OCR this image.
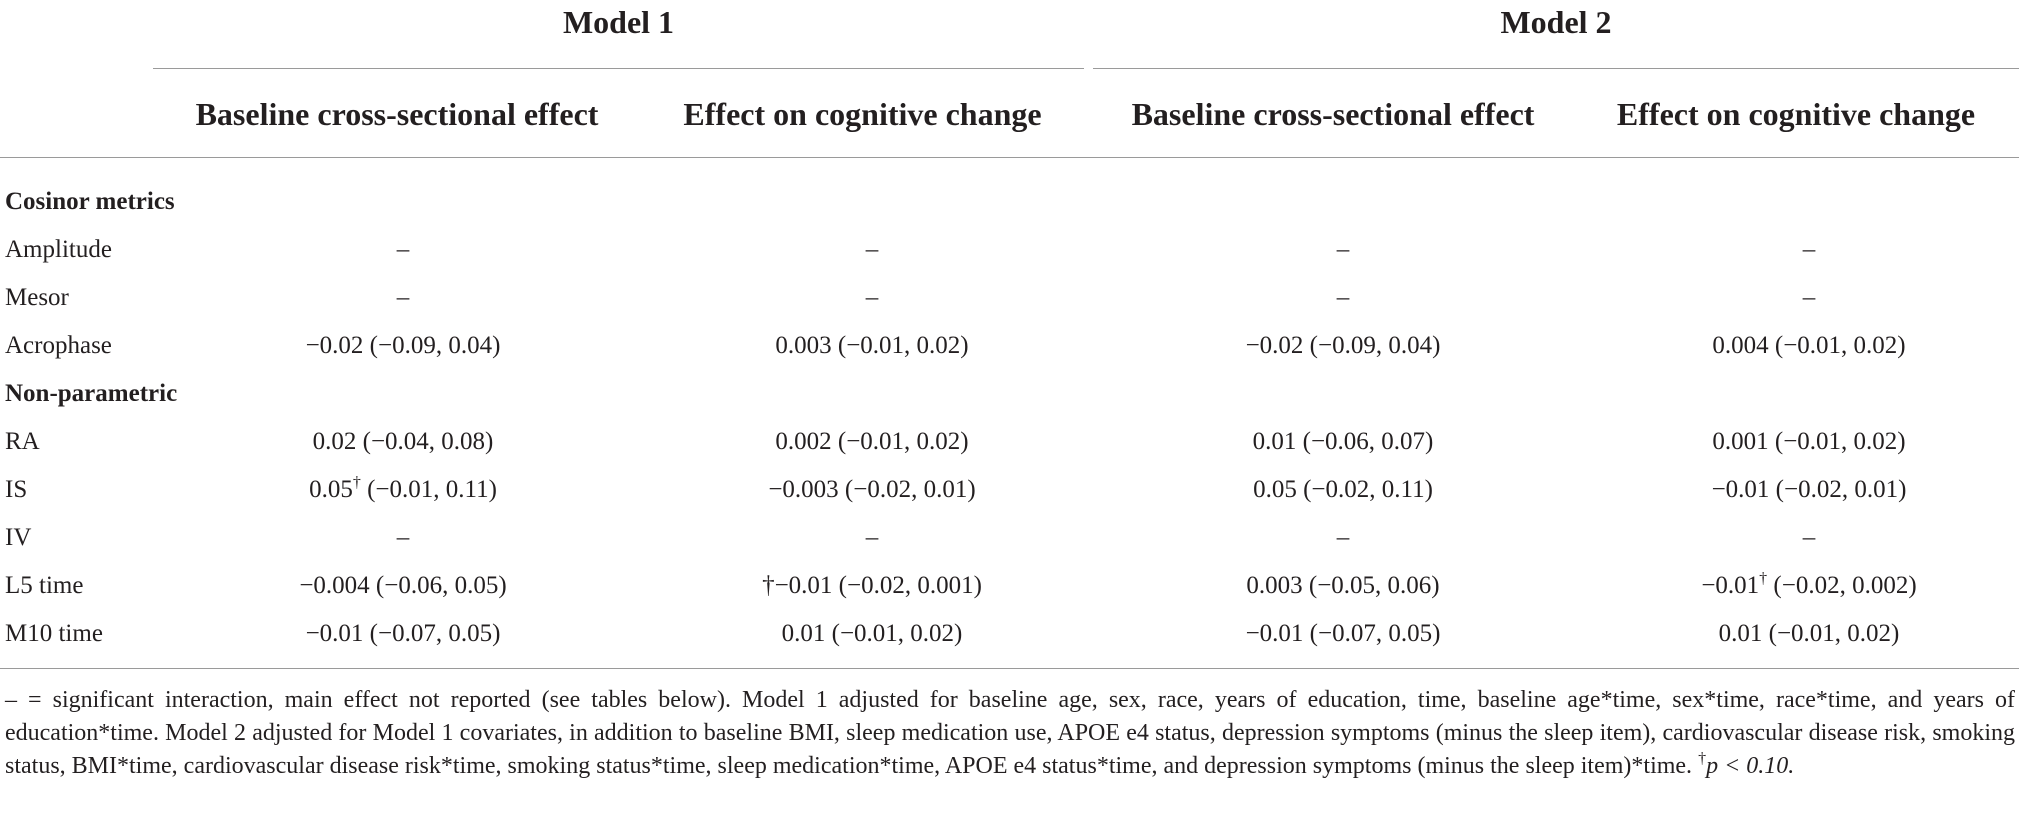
Model 1	Model 2
Baseline cross-sectional effect	Effect on cognitive change	Baseline cross-sectional effect	Effect on cognitive change
Cosinor metrics
Amplitude	–	–	–	–
Mesor	–	–	–	–
Acrophase	−0.02 (−0.09, 0.04)	0.003 (−0.01, 0.02)	−0.02 (−0.09, 0.04)	0.004 (−0.01, 0.02)
Non-parametric
RA	0.02 (−0.04, 0.08)	0.002 (−0.01, 0.02)	0.01 (−0.06, 0.07)	0.001 (−0.01, 0.02)
IS	0.05† (−0.01, 0.11)	−0.003 (−0.02, 0.01)	0.05 (−0.02, 0.11)	−0.01 (−0.02, 0.01)
IV	–	–	–	–
L5 time	−0.004 (−0.06, 0.05)	†−0.01 (−0.02, 0.001)	0.003 (−0.05, 0.06)	−0.01† (−0.02, 0.002)
M10 time	−0.01 (−0.07, 0.05)	0.01 (−0.01, 0.02)	−0.01 (−0.07, 0.05)	0.01 (−0.01, 0.02)
– = significant interaction, main effect not reported (see tables below). Model 1 adjusted for baseline age, sex, race, years of education, time, baseline age*time, sex*time, race*time, and years of education*time. Model 2 adjusted for Model 1 covariates, in addition to baseline BMI, sleep medication use, APOE e4 status, depression symptoms (minus the sleep item), cardiovascular disease risk, smoking status, BMI*time, cardiovascular disease risk*time, smoking status*time, sleep medication*time, APOE e4 status*time, and depression symptoms (minus the sleep item)*time. †p < 0.10.
